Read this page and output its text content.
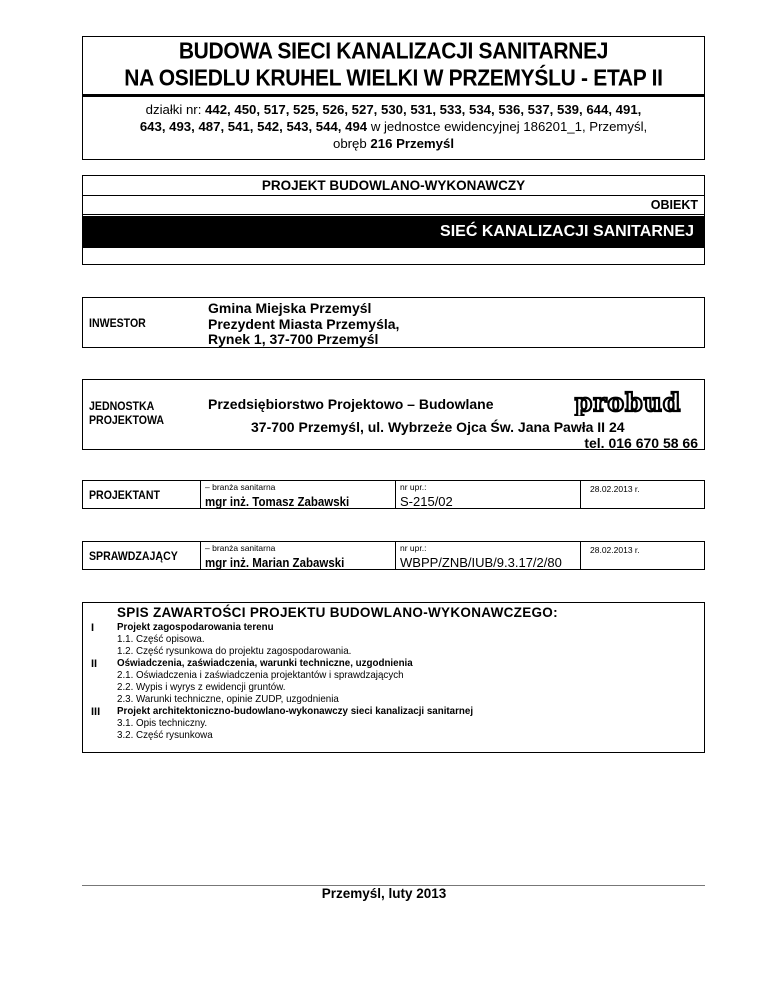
BUDOWA SIECI KANALIZACJI SANITARNEJ
NA OSIEDLU KRUHEL WIELKI W PRZEMYŚLU - ETAP II
działki nr: 442, 450, 517, 525, 526, 527, 530, 531, 533, 534, 536, 537, 539, 644, 491,
643, 493, 487, 541, 542, 543, 544, 494 w jednostce ewidencyjnej 186201_1, Przemyśl,
obręb 216 Przemyśl
PROJEKT BUDOWLANO-WYKONAWCZY
OBIEKT
SIEĆ KANALIZACJI SANITARNEJ
INWESTOR
Gmina Miejska Przemyśl
Prezydent Miasta Przemyśla,
Rynek 1, 37-700 Przemyśl
JEDNOSTKA
PROJEKTOWA
Przedsiębiorstwo Projektowo – Budowlane	probud
37-700 Przemyśl, ul. Wybrzeże Ojca Św. Jana Pawła II 24
tel. 016 670 58 66
PROJEKTANT
– branża sanitarna
mgr inż. Tomasz Zabawski
nr upr.:
S-215/02
28.02.2013 r.
SPRAWDZAJĄCY
– branża sanitarna
mgr inż. Marian Zabawski
nr upr.:
WBPP/ZNB/IUB/9.3.17/2/80
28.02.2013 r.
SPIS ZAWARTOŚCI PROJEKTU BUDOWLANO-WYKONAWCZEGO:
I Projekt zagospodarowania terenu
1.1. Część opisowa.
1.2. Część rysunkowa do projektu zagospodarowania.
II Oświadczenia, zaświadczenia, warunki techniczne, uzgodnienia
2.1. Oświadczenia i zaświadczenia projektantów i sprawdzających
2.2. Wypis i wyrys z ewidencji gruntów.
2.3. Warunki techniczne, opinie ZUDP, uzgodnienia
III Projekt architektoniczno-budowlano-wykonawczy sieci kanalizacji sanitarnej
3.1. Opis techniczny.
3.2. Część rysunkowa
Przemyśl, luty 2013
